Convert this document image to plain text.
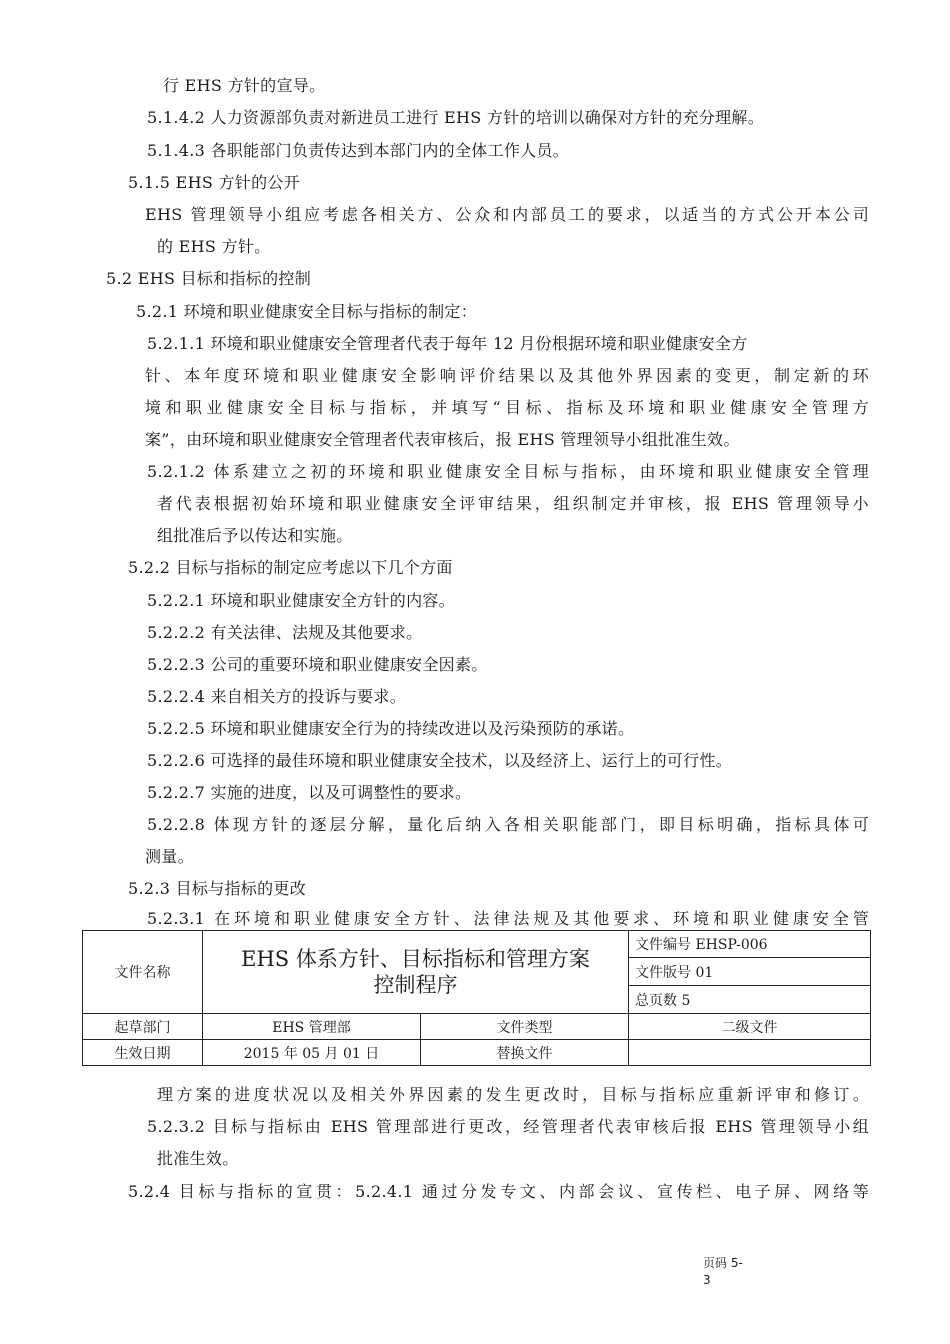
行 EHS 方针的宣导。
5.1.4.2 人力资源部负责对新进员工进行 EHS 方针的培训以确保对方针的充分理解。
5.1.4.3 各职能部门负责传达到本部门内的全体工作人员。
5.1.5 EHS 方针的公开
EHS 管理领导小组应考虑各相关方、公众和内部员工的要求，以适当的方式公开本公司
的 EHS 方针。
5.2 EHS 目标和指标的控制
5.2.1 环境和职业健康安全目标与指标的制定：
5.2.1.1 环境和职业健康安全管理者代表于每年 12 月份根据环境和职业健康安全方
针、本年度环境和职业健康安全影响评价结果以及其他外界因素的变更，制定新的环
境和职业健康安全目标与指标，并填写“目标、指标及环境和职业健康安全管理方
案”，由环境和职业健康安全管理者代表审核后，报 EHS 管理领导小组批准生效。
5.2.1.2 体系建立之初的环境和职业健康安全目标与指标，由环境和职业健康安全管理
者代表根据初始环境和职业健康安全评审结果，组织制定并审核，报 EHS 管理领导小
组批准后予以传达和实施。
5.2.2 目标与指标的制定应考虑以下几个方面
5.2.2.1 环境和职业健康安全方针的内容。
5.2.2.2 有关法律、法规及其他要求。
5.2.2.3 公司的重要环境和职业健康安全因素。
5.2.2.4 来自相关方的投诉与要求。
5.2.2.5 环境和职业健康安全行为的持续改进以及污染预防的承诺。
5.2.2.6 可选择的最佳环境和职业健康安全技术，以及经济上、运行上的可行性。
5.2.2.7 实施的进度，以及可调整性的要求。
5.2.2.8 体现方针的逐层分解，量化后纳入各相关职能部门，即目标明确，指标具体可
测量。
5.2.3 目标与指标的更改
5.2.3.1 在环境和职业健康安全方针、法律法规及其他要求、环境和职业健康安全管
文件名称	EHS 体系方针、目标指标和管理方案
控制程序		文件编号 EHSP-006
			文件版号 01
			总页数 5
起草部门	EHS 管理部	文件类型	二级文件
生效日期	2015 年 05 月 01 日	替换文件	
理方案的进度状况以及相关外界因素的发生更改时，目标与指标应重新评审和修订。
5.2.3.2 目标与指标由 EHS 管理部进行更改，经管理者代表审核后报 EHS 管理领导小组
批准生效。
5.2.4 目标与指标的宣贯：5.2.4.1 通过分发专文、内部会议、宣传栏、电子屏、网络等
页码 5-
3
